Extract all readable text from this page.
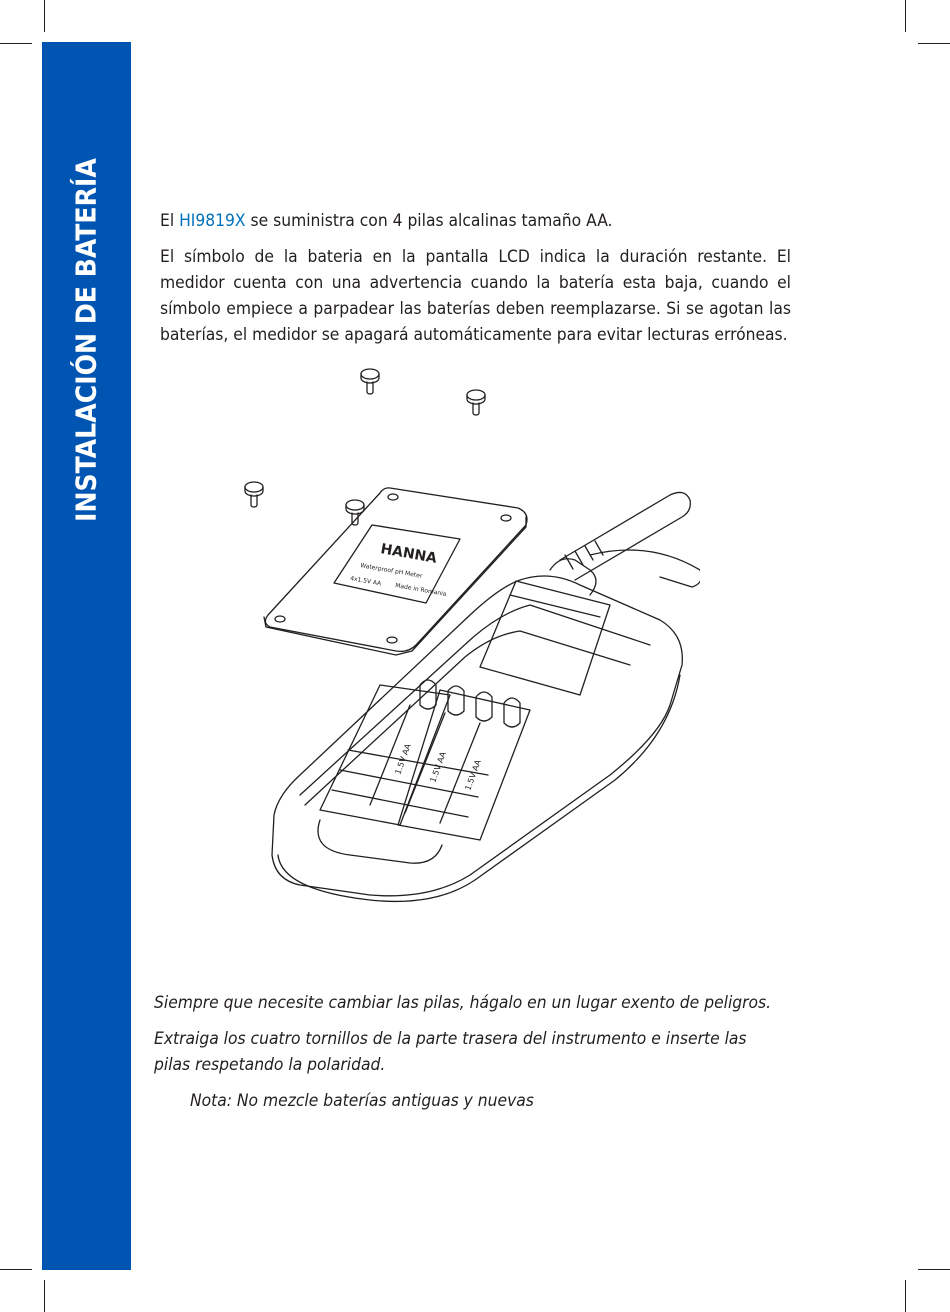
INSTALACIÓN DE BATERÍA	El HI9819X se suministra con 4 pilas alcalinas tamaño AA.

El símbolo de la bateria en la pantalla LCD indica la duración restante. El medidor cuenta con una advertencia cuando la batería esta baja, cuando el símbolo empiece a parpadear las baterías deben reemplazarse. Si se agotan las baterías, el medidor se apagará automáticamente para evitar lecturas erróneas.

HANNA
Waterproof pH Meter
4x1.5V AA
Made in Romania
1.5V AA 1.5V AA 1.5V AA

Siempre que necesite cambiar las pilas, hágalo en un lugar exento de peligros.

Extraiga los cuatro tornillos de la parte trasera del instrumento e inserte las pilas respetando la polaridad.

Nota: No mezcle baterías antiguas y nuevas
